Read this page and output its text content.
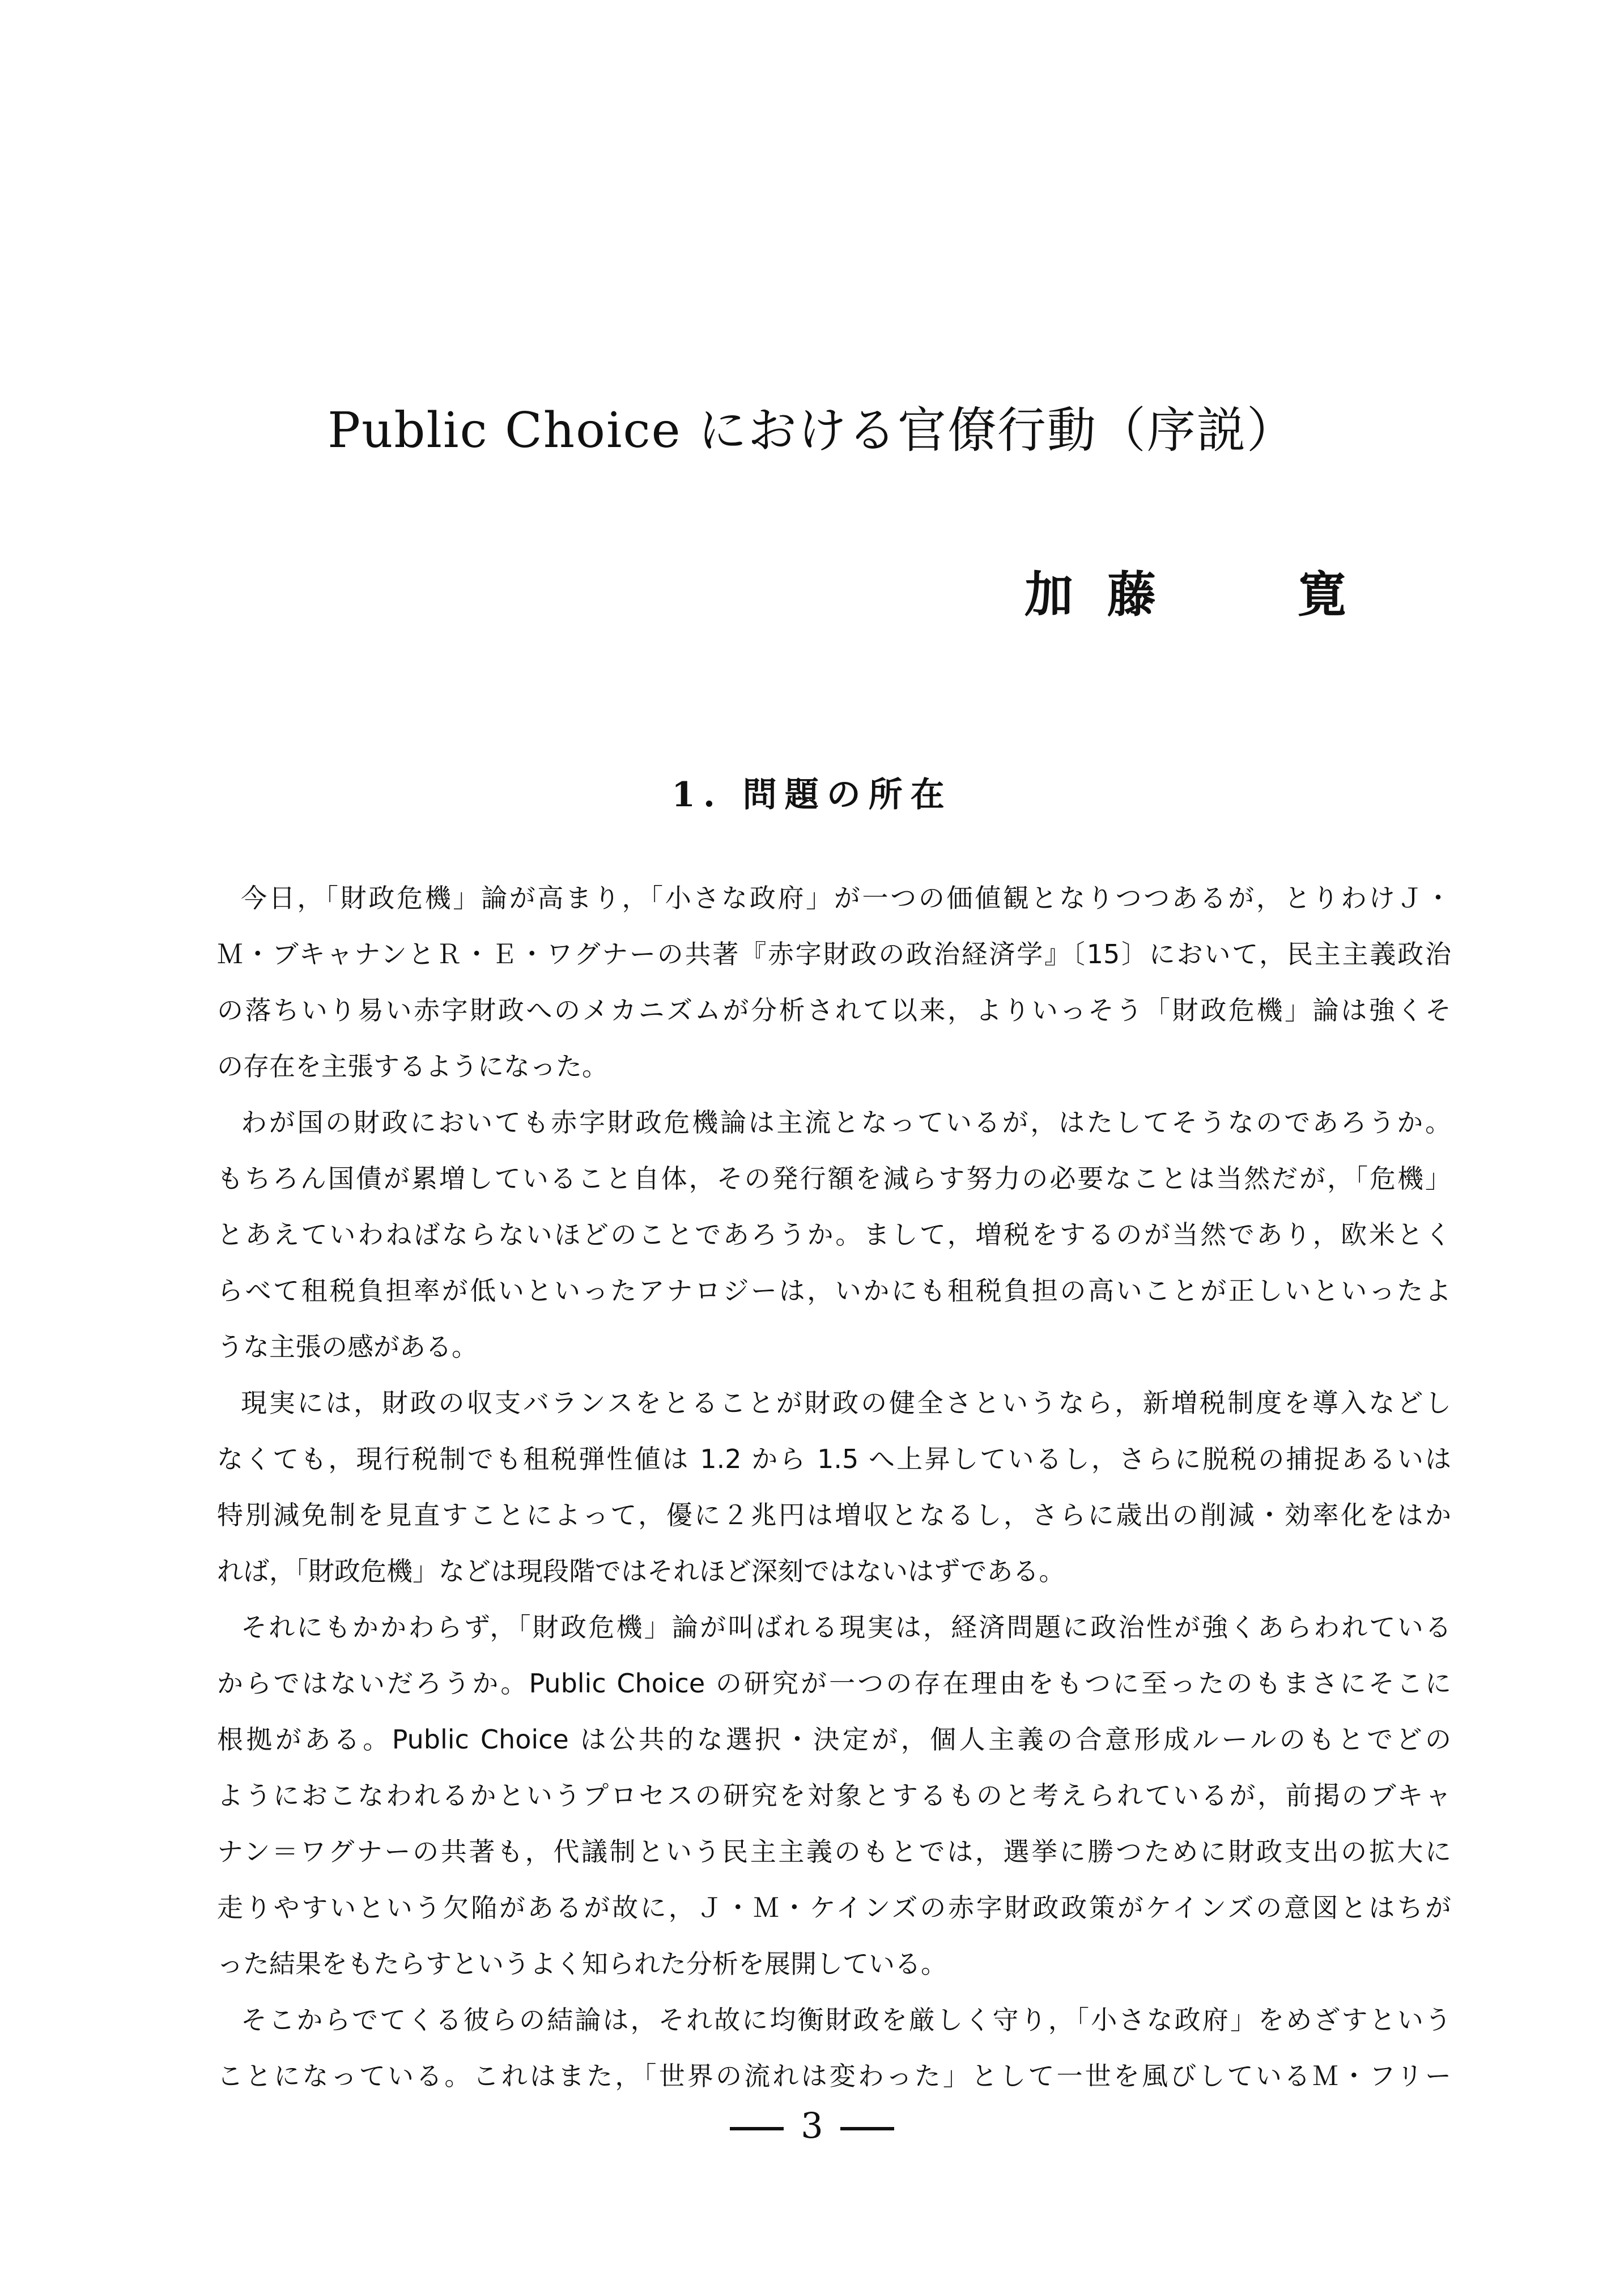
Public Choice における官僚行動（序説）
加 藤	寛
1. 問題の所在
今日，「財政危機」論が高まり，「小さな政府」が一つの価値観となりつつあるが，とりわけＪ・
Ｍ・ブキャナンとＲ・Ｅ・ワグナーの共著『赤字財政の政治経済学』〔15〕において，民主主義政治
の落ちいり易い赤字財政へのメカニズムが分析されて以来，よりいっそう「財政危機」論は強くそ
の存在を主張するようになった。
わが国の財政においても赤字財政危機論は主流となっているが，はたしてそうなのであろうか。
もちろん国債が累増していること自体，その発行額を減らす努力の必要なことは当然だが，「危機」
とあえていわねばならないほどのことであろうか。まして，増税をするのが当然であり，欧米とく
らべて租税負担率が低いといったアナロジーは，いかにも租税負担の高いことが正しいといったよ
うな主張の感がある。
現実には，財政の収支バランスをとることが財政の健全さというなら，新増税制度を導入などし
なくても，現行税制でも租税弾性値は 1.2 から 1.5 へ上昇しているし，さらに脱税の捕捉あるいは
特別減免制を見直すことによって，優に２兆円は増収となるし，さらに歳出の削減・効率化をはか
れば，「財政危機」などは現段階ではそれほど深刻ではないはずである。
それにもかかわらず，「財政危機」論が叫ばれる現実は，経済問題に政治性が強くあらわれている
からではないだろうか。Public Choice の研究が一つの存在理由をもつに至ったのもまさにそこに
根拠がある。Public Choice は公共的な選択・決定が，個人主義の合意形成ルールのもとでどの
ようにおこなわれるかというプロセスの研究を対象とするものと考えられているが，前掲のブキャ
ナン＝ワグナーの共著も，代議制という民主主義のもとでは，選挙に勝つために財政支出の拡大に
走りやすいという欠陥があるが故に，Ｊ・Ｍ・ケインズの赤字財政政策がケインズの意図とはちが
った結果をもたらすというよく知られた分析を展開している。
そこからでてくる彼らの結論は，それ故に均衡財政を厳しく守り，「小さな政府」をめざすという
ことになっている。これはまた，「世界の流れは変わった」として一世を風びしているＭ・フリー
3
